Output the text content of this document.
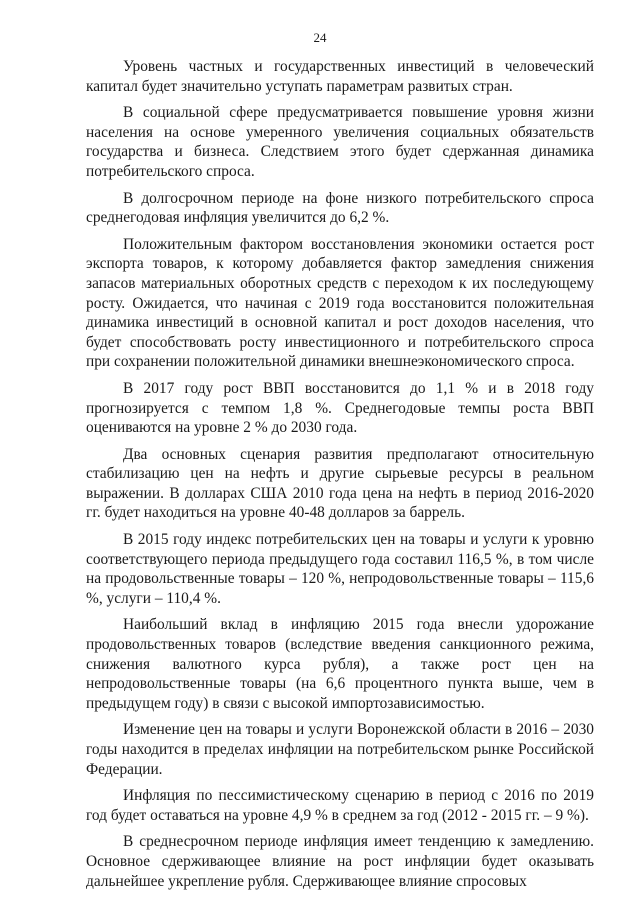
24

Уровень частных и государственных инвестиций в человеческий капитал будет значительно уступать параметрам развитых стран.

В социальной сфере предусматривается повышение уровня жизни населения на основе умеренного увеличения социальных обязательств государства и бизнеса. Следствием этого будет сдержанная динамика потребительского спроса.

В долгосрочном периоде на фоне низкого потребительского спроса среднегодовая инфляция увеличится до 6,2 %.

Положительным фактором восстановления экономики остается рост экспорта товаров, к которому добавляется фактор замедления снижения запасов материальных оборотных средств с переходом к их последующему росту. Ожидается, что начиная с 2019 года восстановится положительная динамика инвестиций в основной капитал и рост доходов населения, что будет способствовать росту инвестиционного и потребительского спроса при сохранении положительной динамики внешнеэкономического спроса.

В 2017 году рост ВВП восстановится до 1,1 % и в 2018 году прогнозируется с темпом 1,8 %. Среднегодовые темпы роста ВВП оцениваются на уровне 2 % до 2030 года.

Два основных сценария развития предполагают относительную стабилизацию цен на нефть и другие сырьевые ресурсы в реальном выражении. В долларах США 2010 года цена на нефть в период 2016-2020 гг. будет находиться на уровне 40-48 долларов за баррель.

В 2015 году индекс потребительских цен на товары и услуги к уровню соответствующего периода предыдущего года составил 116,5 %, в том числе на продовольственные товары – 120 %, непродовольственные товары – 115,6 %, услуги – 110,4 %.

Наибольший вклад в инфляцию 2015 года внесли удорожание продовольственных товаров (вследствие введения санкционного режима, снижения валютного курса рубля), а также рост цен на непродовольственные товары (на 6,6 процентного пункта выше, чем в предыдущем году) в связи с высокой импортозависимостью.

Изменение цен на товары и услуги Воронежской области в 2016 – 2030 годы находится в пределах инфляции на потребительском рынке Российской Федерации.

Инфляция по пессимистическому сценарию в период с 2016 по 2019 год будет оставаться на уровне 4,9 % в среднем за год (2012 - 2015 гг. – 9 %).

В среднесрочном периоде инфляция имеет тенденцию к замедлению. Основное сдерживающее влияние на рост инфляции будет оказывать дальнейшее укрепление рубля. Сдерживающее влияние спросовых
